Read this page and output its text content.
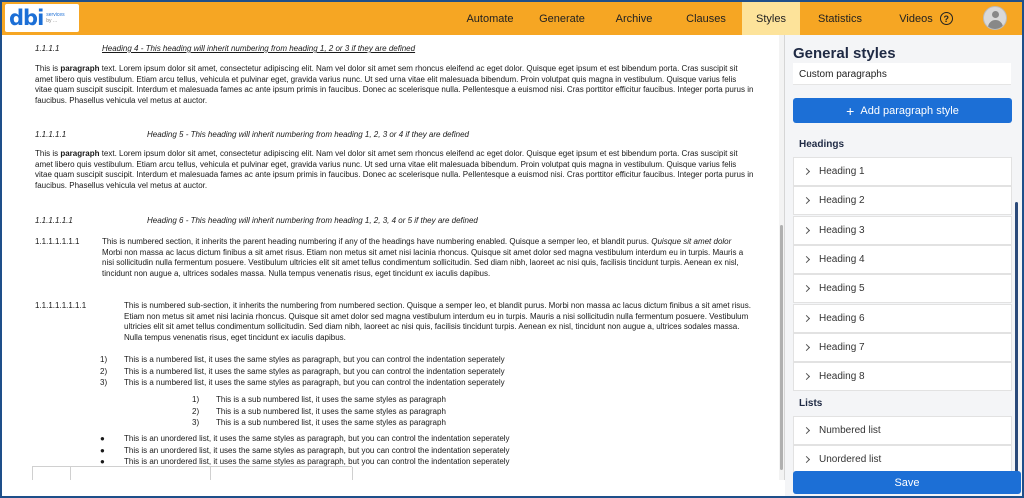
dbi services
by ...	Automate Generate	Archive	Clauses	Styles	Statistics	Videos	?
1.1.1.1	Heading 4 - This heading will inherit numbering from heading 1, 2 or 3 if they are defined
This is paragraph text. Lorem ipsum dolor sit amet, consectetur adipiscing elit. Nam vel dolor sit amet sem rhoncus eleifend ac eget dolor. Quisque eget ipsum et est bibendum porta. Cras suscipit sit amet libero quis vestibulum. Etiam arcu tellus, vehicula et pulvinar eget, gravida varius nunc. Ut sed urna vitae elit malesuada bibendum. Proin volutpat quis magna in vestibulum. Quisque varius felis vitae quam suscipit suscipit. Interdum et malesuada fames ac ante ipsum primis in faucibus. Donec ac scelerisque nulla. Pellentesque a euismod nisi. Cras porttitor efficitur faucibus. Integer porta purus in faucibus. Phasellus vehicula vel metus at auctor.
1.1.1.1.1	Heading 5 - This heading will inherit numbering from heading 1, 2, 3 or 4 if they are defined
This is paragraph text. Lorem ipsum dolor sit amet, consectetur adipiscing elit. Nam vel dolor sit amet sem rhoncus eleifend ac eget dolor. Quisque eget ipsum et est bibendum porta. Cras suscipit sit amet libero quis vestibulum. Etiam arcu tellus, vehicula et pulvinar eget, gravida varius nunc. Ut sed urna vitae elit malesuada bibendum. Proin volutpat quis magna in vestibulum. Quisque varius felis vitae quam suscipit suscipit. Interdum et malesuada fames ac ante ipsum primis in faucibus. Donec ac scelerisque nulla. Pellentesque a euismod nisi. Cras porttitor efficitur faucibus. Integer porta purus in faucibus. Phasellus vehicula vel metus at auctor.
1.1.1.1.1.1	Heading 6 - This heading will inherit numbering from heading 1, 2, 3, 4 or 5 if they are defined
1.1.1.1.1.1.1	This is numbered section, it inherits the parent heading numbering if any of the headings have numbering enabled. Quisque a semper leo, et blandit purus. Quisque sit amet dolor Morbi non massa ac lacus dictum finibus a sit amet risus. Etiam non metus sit amet nisi lacinia rhoncus. Quisque sit amet dolor sed magna vestibulum interdum eu in turpis. Mauris a nisi sollicitudin nulla fermentum posuere. Vestibulum ultricies elit sit amet tellus condimentum sollicitudin. Sed diam nibh, laoreet ac nisi quis, facilisis tincidunt turpis. Aenean ex nisl, tincidunt non augue a, ultrices sodales massa. Nulla tempus venenatis risus, eget tincidunt ex iaculis dapibus.
1.1.1.1.1.1.1.1	This is numbered sub-section, it inherits the numbering from numbered section. Quisque a semper leo, et blandit purus. Morbi non massa ac lacus dictum finibus a sit amet risus. Etiam non metus sit amet nisi lacinia rhoncus. Quisque sit amet dolor sed magna vestibulum interdum eu in turpis. Mauris a nisi sollicitudin nulla fermentum posuere. Vestibulum ultricies elit sit amet tellus condimentum sollicitudin. Sed diam nibh, laoreet ac nisi quis, facilisis tincidunt turpis. Aenean ex nisl, tincidunt non augue a, ultrices sodales massa. Nulla tempus venenatis risus, eget tincidunt ex iaculis dapibus.
1) This is a numbered list, it uses the same styles as paragraph, but you can control the indentation seperately
2) This is a numbered list, it uses the same styles as paragraph, but you can control the indentation seperately
3) This is a numbered list, it uses the same styles as paragraph, but you can control the indentation seperately
1) This is a sub numbered list, it uses the same styles as paragraph
2) This is a sub numbered list, it uses the same styles as paragraph
3) This is a sub numbered list, it uses the same styles as paragraph
● This is an unordered list, it uses the same styles as paragraph, but you can control the indentation seperately
● This is an unordered list, it uses the same styles as paragraph, but you can control the indentation seperately
● This is an unordered list, it uses the same styles as paragraph, but you can control the indentation seperately
General styles
Custom paragraphs
+ Add paragraph style
Headings
Heading 1
Heading 2
Heading 3
Heading 4
Heading 5
Heading 6
Heading 7
Heading 8
Lists
Numbered list
Unordered list
Save
